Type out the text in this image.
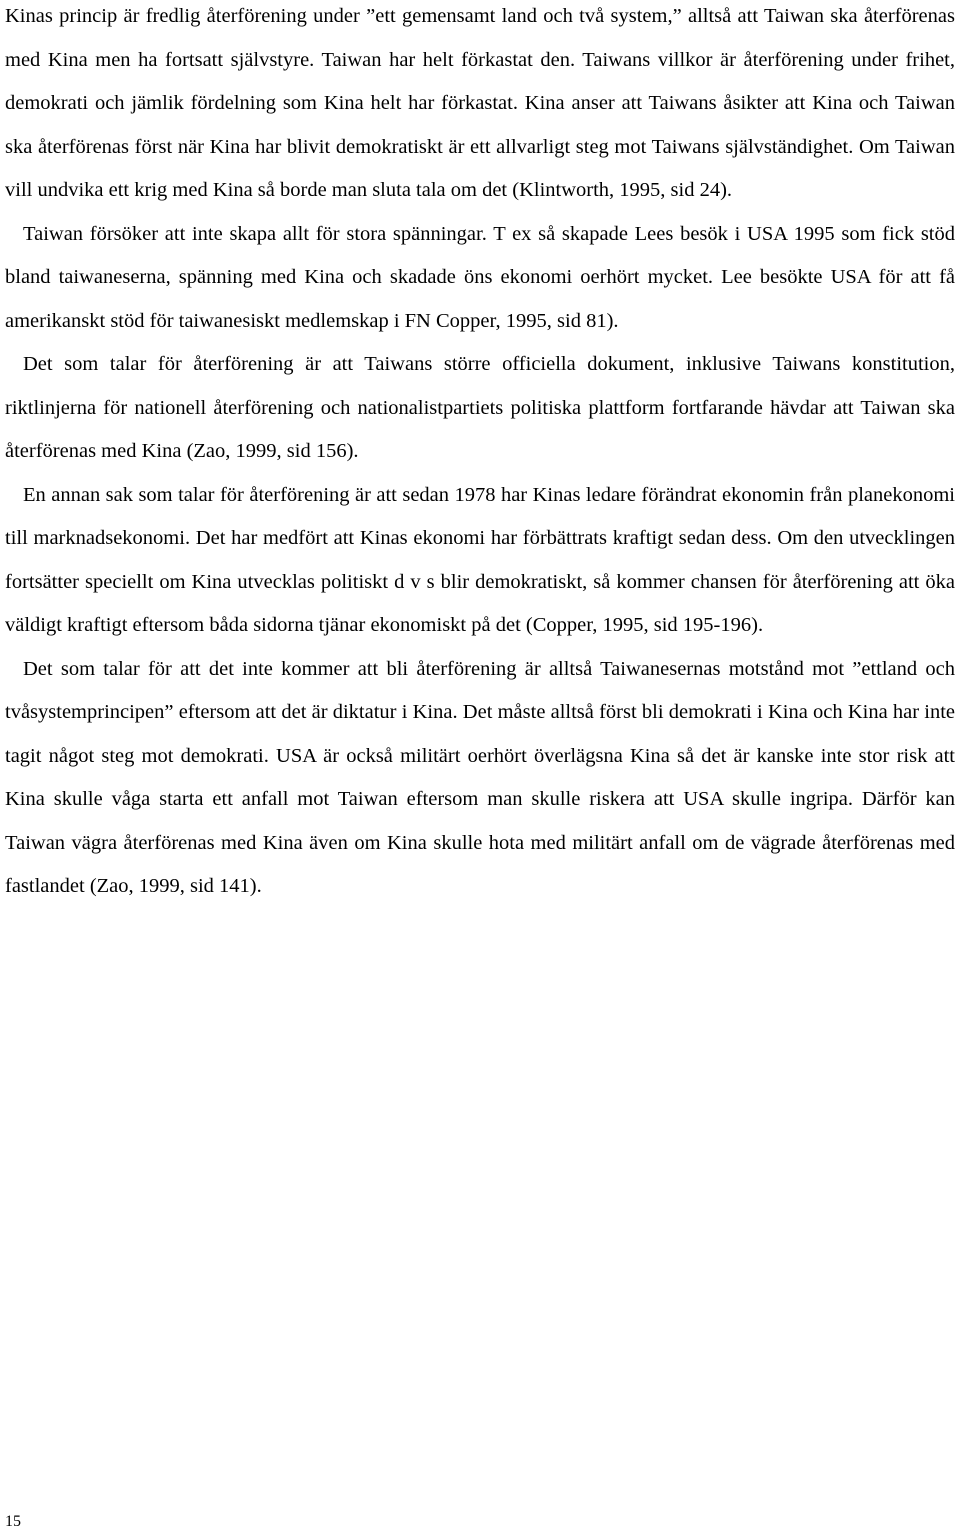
Kinas princip är fredlig återförening under ”ett gemensamt land och två system,” alltså att Taiwan ska återförenas med Kina men ha fortsatt självstyre. Taiwan har helt förkastat den. Taiwans villkor är återförening under frihet, demokrati och jämlik fördelning som Kina helt har förkastat. Kina anser att Taiwans åsikter att Kina och Taiwan ska återförenas först när Kina har blivit demokratiskt är ett allvarligt steg mot Taiwans självständighet. Om Taiwan vill undvika ett krig med Kina så borde man sluta tala om det (Klintworth, 1995, sid 24).

Taiwan försöker att inte skapa allt för stora spänningar. T ex så skapade Lees besök i USA 1995 som fick stöd bland taiwaneserna, spänning med Kina och skadade öns ekonomi oerhört mycket. Lee besökte USA för att få amerikanskt stöd för taiwanesiskt medlemskap i FN Copper, 1995, sid 81).

Det som talar för återförening är att Taiwans större officiella dokument, inklusive Taiwans konstitution, riktlinjerna för nationell återförening och nationalistpartiets politiska plattform fortfarande hävdar att Taiwan ska återförenas med Kina (Zao, 1999, sid 156).

En annan sak som talar för återförening är att sedan 1978 har Kinas ledare förändrat ekonomin från planekonomi till marknadsekonomi. Det har medfört att Kinas ekonomi har förbättrats kraftigt sedan dess. Om den utvecklingen fortsätter speciellt om Kina utvecklas politiskt d v s blir demokratiskt, så kommer chansen för återförening att öka väldigt kraftigt eftersom båda sidorna tjänar ekonomiskt på det (Copper, 1995, sid 195-196).

Det som talar för att det inte kommer att bli återförening är alltså Taiwanesernas motstånd mot ”ettland och tvåsystemprincipen” eftersom att det är diktatur i Kina. Det måste alltså först bli demokrati i Kina och Kina har inte tagit något steg mot demokrati. USA är också militärt oerhört överlägsna Kina så det är kanske inte stor risk att Kina skulle våga starta ett anfall mot Taiwan eftersom man skulle riskera att USA skulle ingripa. Därför kan Taiwan vägra återförenas med Kina även om Kina skulle hota med militärt anfall om de vägrade återförenas med fastlandet (Zao, 1999, sid 141).

15
